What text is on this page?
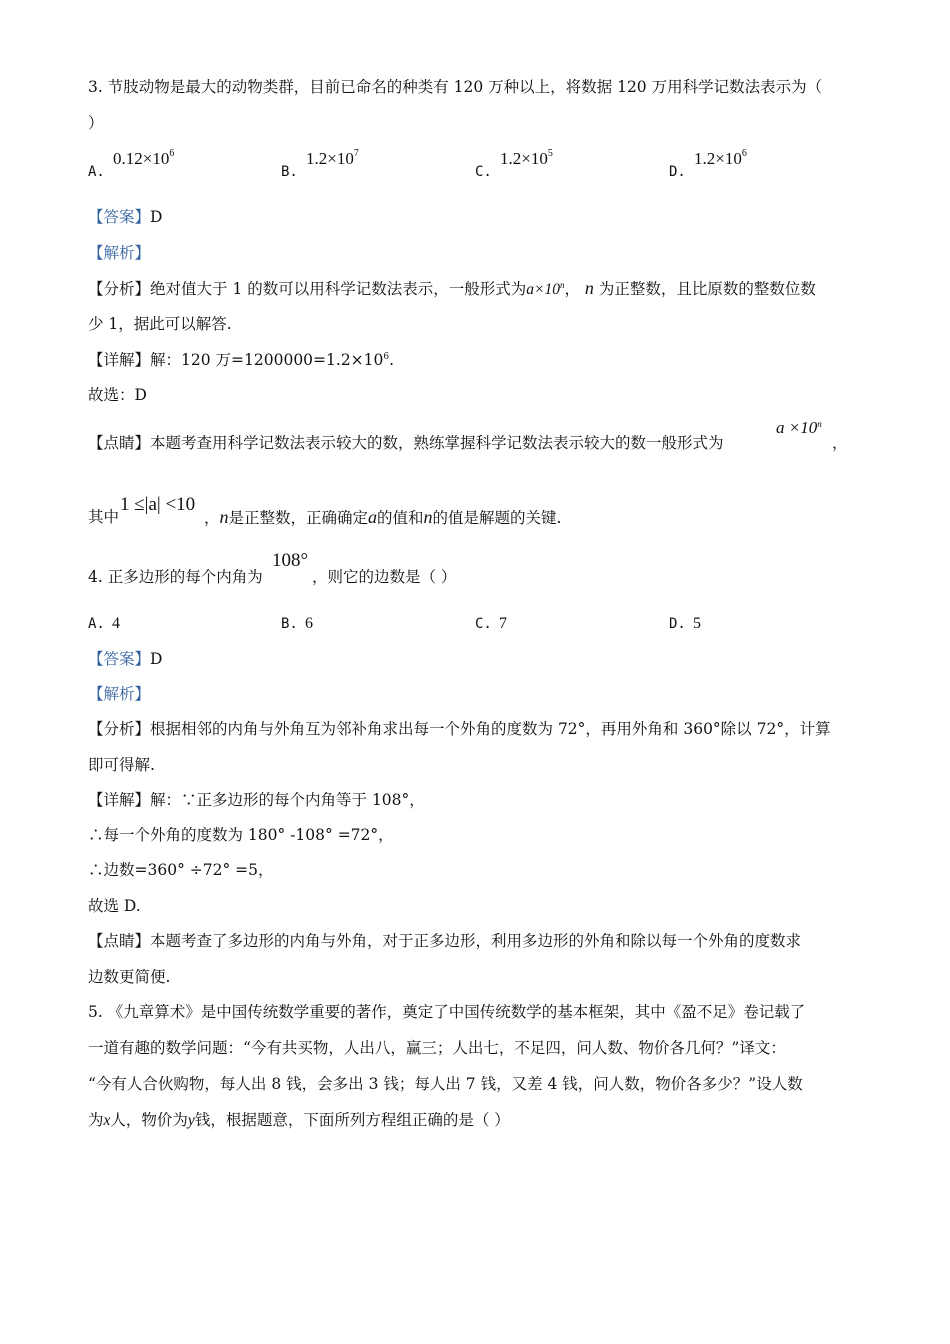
3. 节肢动物是最大的动物类群，目前已命名的种类有 120 万种以上，将数据 120 万用科学记数法表示为（
）
A.
$0.12\times 10^6$
B.
$1.2\times 10^7$
C.
$1.2\times 10^5$
D.
$1.2\times 10^6$
【答案】D
【解析】
【分析】绝对值大于 1 的数可以用科学记数法表示，一般形式为$a\times 10^n$， n 为正整数，且比原数的整数位数
少 1，据此可以解答.
【详解】解：120 万$=1200000=1.2\times 10^6$.
故选：D
【点睛】本题考查用科学记数法表示较大的数，熟练掌握科学记数法表示较大的数一般形式为
$a \times 10^n$
，
其中
1 ≤|a| <10
，n是正整数，正确确定a的值和n的值是解题的关键.
4. 正多边形的每个内角为
108°
，则它的边数是（ ）
A. 4	B. 6	C. 7	D. 5
【答案】D
【解析】
【分析】根据相邻的内角与外角互为邻补角求出每一个外角的度数为 72°，再用外角和 360°除以 72°，计算
即可得解.
【详解】解：∵正多边形的每个内角等于 108°，
∴每一个外角的度数为 180° -108° =72°，
∴边数=360° ÷72° =5，
故选 D.
【点睛】本题考查了多边形的内角与外角，对于正多边形，利用多边形的外角和除以每一个外角的度数求
边数更简便.
5. 《九章算术》是中国传统数学重要的著作，奠定了中国传统数学的基本框架，其中《盈不足》卷记载了
一道有趣的数学问题：“今有共买物，人出八，赢三；人出七，不足四，问人数、物价各几何？”译文：
“今有人合伙购物，每人出 8 钱，会多出 3 钱；每人出 7 钱，又差 4 钱，问人数，物价各多少？”设人数
为x人，物价为y钱，根据题意，下面所列方程组正确的是（ ）
